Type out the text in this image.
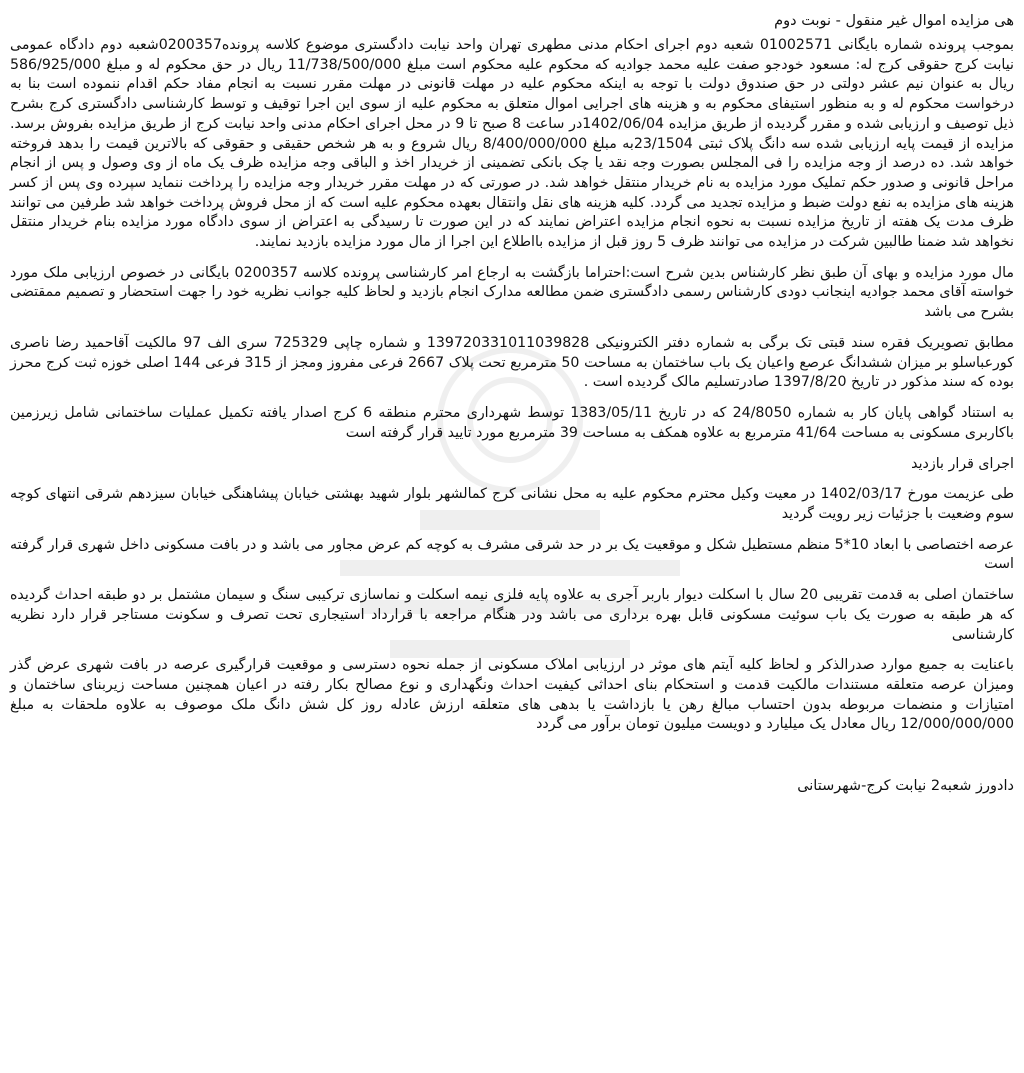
هی مزایده اموال غیر منقول - نوبت دوم

بموجب پرونده شماره بایگانی 01002571 شعبه دوم اجرای احکام مدنی مطهری تهران واحد نیابت دادگستری موضوع کلاسه پرونده0200357شعبه دوم دادگاه عمومی نیابت کرج حقوقی کرج له: مسعود خودجو صفت علیه محمد جوادیه که محکوم علیه محکوم است مبلغ 11/738/500/000 ریال در حق محکوم له و مبلغ 586/925/000 ریال به عنوان نیم عشر دولتی در حق صندوق دولت با توجه به اینکه محکوم علیه در مهلت قانونی در مهلت مقرر نسبت به انجام مفاد حکم اقدام ننموده است بنا به درخواست محکوم له و به منظور استیفای محکوم به و هزینه های اجرایی اموال متعلق به محکوم علیه از سوی این اجرا توقیف و توسط کارشناسی دادگستری کرج بشرح ذیل توصیف و ارزیابی شده و مقرر گردیده از طریق مزایده 1402/06/04در ساعت 8 صبح تا 9 در محل اجرای احکام مدنی واحد نیابت کرج از طریق مزایده بفروش برسد. مزایده از قیمت پایه ارزیابی شده سه دانگ پلاک ثبتی 23/1504به مبلغ 8/400/000/000 ریال شروع و به هر شخص حقیقی و حقوقی که بالاترین قیمت را بدهد فروخته خواهد شد. ده درصد از وجه مزایده را فی المجلس بصورت وجه نقد یا چک بانکی تضمینی از خریدار اخذ و الباقی وجه مزایده ظرف یک ماه از وی وصول و پس از انجام مراحل قانونی و صدور حکم تملیک مورد مزایده به نام خریدار منتقل خواهد شد. در صورتی که در مهلت مقرر خریدار وجه مزایده را پرداخت ننماید سپرده وی پس از کسر هزینه های مزایده به نفع دولت ضبط و مزایده تجدید می گردد. کلیه هزینه های نقل وانتقال بعهده محکوم علیه است که از محل فروش پرداخت خواهد شد طرفین می توانند ظرف مدت یک هفته از تاریخ مزایده نسبت به نحوه انجام مزایده اعتراض نمایند که در این صورت تا رسیدگی به اعتراض از سوی دادگاه مورد مزایده بنام خریدار منتقل نخواهد شد ضمنا طالبین شرکت در مزایده می توانند ظرف 5 روز قبل از مزایده بااطلاع این اجرا از مال مورد مزایده بازدید نمایند.

مال مورد مزایده و بهای آن طبق نظر کارشناس بدین شرح است:احتراما بازگشت به ارجاع امر کارشناسی پرونده کلاسه 0200357 بایگانی در خصوص ارزیابی ملک مورد خواسته آقای محمد جوادیه اینجانب دودی کارشناس رسمی دادگستری ضمن مطالعه مدارک انجام بازدید و لحاظ کلیه جوانب نظریه خود را جهت استحضار و تصمیم ممقتضی بشرح می باشد

مطابق تصویریک فقره سند قبتی تک برگی به شماره دفتر الکترونیکی 139720331011039828 و شماره چاپی 725329 سری الف 97 مالکیت آقاحمید رضا ناصری کورعباسلو بر میزان ششدانگ عرصع واعیان یک باب ساختمان به مساحت 50 مترمربع تحت پلاک 2667 فرعی مفروز ومجز از 315 فرعی 144 اصلی خوزه ثبت کرج محرز بوده که سند مذکور در تاریخ 1397/8/20 صادرتسلیم مالک گردیده است .

به استناد گواهی پایان کار به شماره 24/8050 که در تاریخ 1383/05/11 توسط شهرداری محترم منطقه 6 کرج اصدار یافته تکمیل عملیات ساختمانی شامل زیرزمین باکاربری مسکونی به مساحت 41/64 مترمربع به علاوه همکف به مساحت 39 مترمربع مورد تایید قرار گرفته است

اجرای قرار بازدید

طی عزیمت مورخ 1402/03/17 در معیت وکیل محترم محکوم علیه به محل نشانی کرج کمالشهر بلوار شهید بهشتی خیابان پیشاهنگی خیابان سیزدهم شرقی انتهای کوچه سوم وضعیت با جزئیات زیر رویت گردید

عرصه اختصاصی با ابعاد 10*5 منظم مستطیل شکل و موقعیت یک بر در حد شرقی مشرف به کوچه کم عرض مجاور می باشد و در بافت مسکونی داخل شهری قرار گرفته است

ساختمان اصلی به قدمت تقریبی 20 سال با اسکلت دیوار باربر آجری به علاوه پایه فلزی نیمه اسکلت و نماسازی ترکیبی سنگ و سیمان مشتمل بر دو طبقه احداث گردیده که هر طبقه به صورت یک باب سوئیت مسکونی قابل بهره برداری می باشد ودر هنگام مراجعه با قرارداد استیجاری تحت تصرف و سکونت مستاجر قرار دارد نظریه کارشناسی

باعنایت به جمیع موارد صدرالذکر و لحاظ کلیه آیتم های موثر در ارزیابی املاک مسکونی از جمله نحوه دسترسی و موقعیت قرارگیری عرصه در بافت شهری عرض گذر ومیزان عرصه متعلقه مستندات مالکیت قدمت و استحکام بنای احداثی کیفیت احداث ونگهداری و نوع مصالح بکار رفته در اعیان همچنین مساحت زیربنای ساختمان و امتیازات و منضمات مربوطه بدون احتساب مبالغ رهن یا بازداشت یا بدهی های متعلقه ارزش عادله روز کل شش دانگ ملک موصوف به علاوه ملحقات به مبلغ 12/000/000/000 ریال معادل یک میلیارد و دویست میلیون تومان برآور می گردد

دادورز شعبه2 نیابت کرج-شهرستانی
